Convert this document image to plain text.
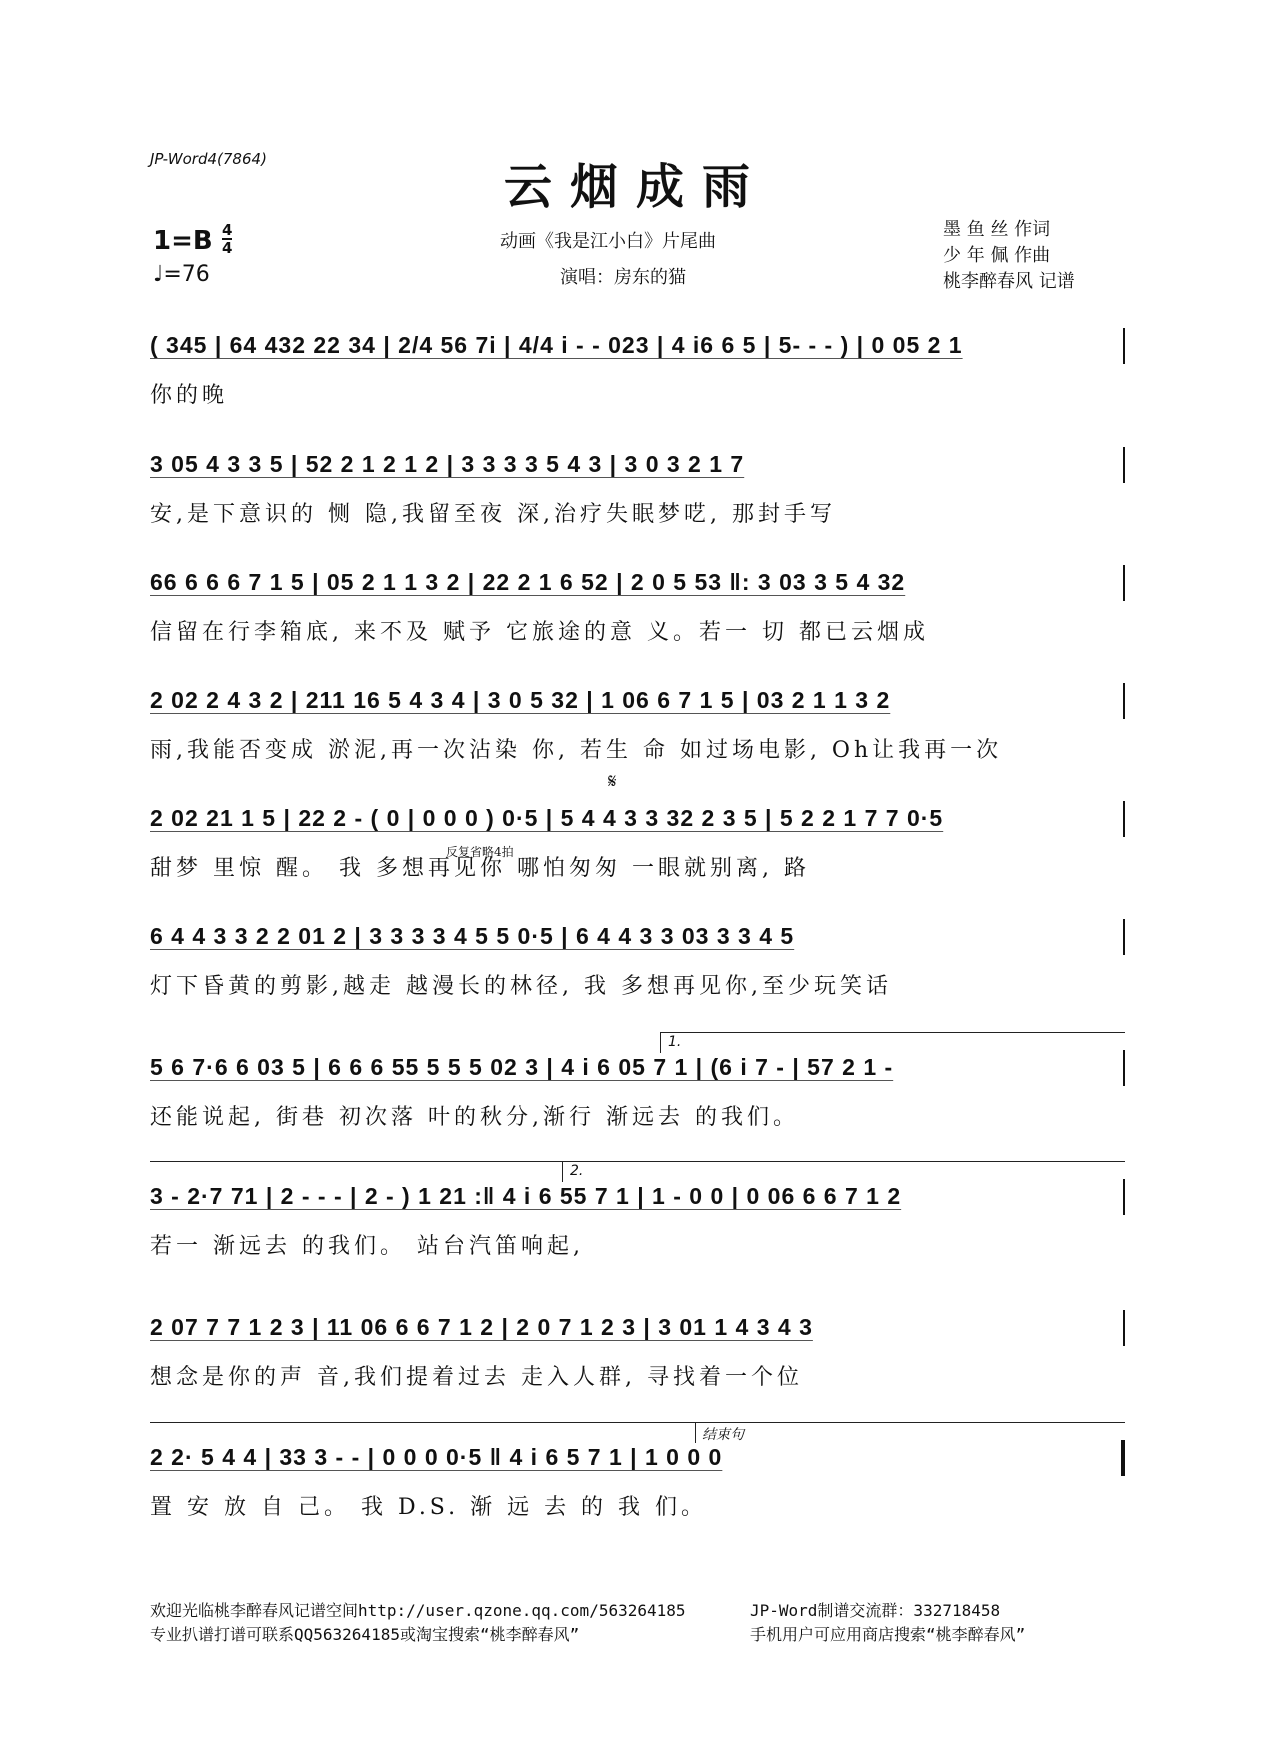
JP-Word4(7864)	云烟成雨
1=B 4
4
♩=76
动画《我是江小白》片尾曲
演唱：房东的猫
墨 鱼 丝 作词
少 年 佩 作曲
桃李醉春风 记谱
( 345 | 64 432 22 34 | 2/4 56 7i | 4/4 i - - 023 | 4 i6 6 5 | 5- - - ) | 0 05 2 1
你的晚
3 05 4 3 3 5 | 52 2 1 2 1 2 | 3 3 3 3 5 4 3 | 3 0 3 2 1 7
安,是下意识的 恻 隐,我留至夜 深,治疗失眠梦呓, 那封手写
66 6 6 6 7 1 5 | 05 2 1 1 3 2 | 22 2 1 6 52 | 2 0 5 53 ‖: 3 03 3 5 4 32
信留在行李箱底, 来不及 赋予 它旅途的意 义。若一 切 都已云烟成
2 02 2 4 3 2 | 211 16 5 4 3 4 | 3 0 5 32 | 1 06 6 7 1 5 | 03 2 1 1 3 2
雨,我能否变成 淤泥,再一次沾染 你, 若生 命 如过场电影, Oh让我再一次
𝄋
2 02 21 1 5 | 22 2 - ( 0 | 0 0 0 ) 0·5 | 5 4 4 3 3 32 2 3 5 | 5 2 2 1 7 7 0·5
反复省略4拍
甜梦 里惊 醒。 我 多想再见你 哪怕匆匆 一眼就别离, 路
6 4 4 3 3 2 2 01 2 | 3 3 3 3 4 5 5 0·5 | 6 4 4 3 3 03 3 3 4 5
灯下昏黄的剪影,越走 越漫长的林径, 我 多想再见你,至少玩笑话
1.
5 6 7·6 6 03 5 | 6 6 6 55 5 5 5 02 3 | 4 i 6 05 7 1 | (6 i 7 - | 57 2 1 -
还能说起, 街巷 初次落 叶的秋分,渐行 渐远去 的我们。
2.
3 - 2·7 71 | 2 - - - | 2 - ) 1 21 :‖ 4 i 6 55 7 1 | 1 - 0 0 | 0 06 6 6 7 1 2
若一 渐远去 的我们。 站台汽笛响起,
2 07 7 7 1 2 3 | 11 06 6 6 7 1 2 | 2 0 7 1 2 3 | 3 01 1 4 3 4 3
想念是你的声 音,我们提着过去 走入人群, 寻找着一个位
结束句
2 2· 5 4 4 | 33 3 - - | 0 0 0 0·5 ‖ 4 i 6 5 7 1 | 1 0 0 0
置 安 放 自 己。 我 D.S. 渐 远 去 的 我 们。
欢迎光临桃李醉春风记谱空间http://user.qzone.qq.com/563264185
专业扒谱打谱可联系QQ563264185或淘宝搜索“桃李醉春风”
JP-Word制谱交流群：332718458
手机用户可应用商店搜索“桃李醉春风”
